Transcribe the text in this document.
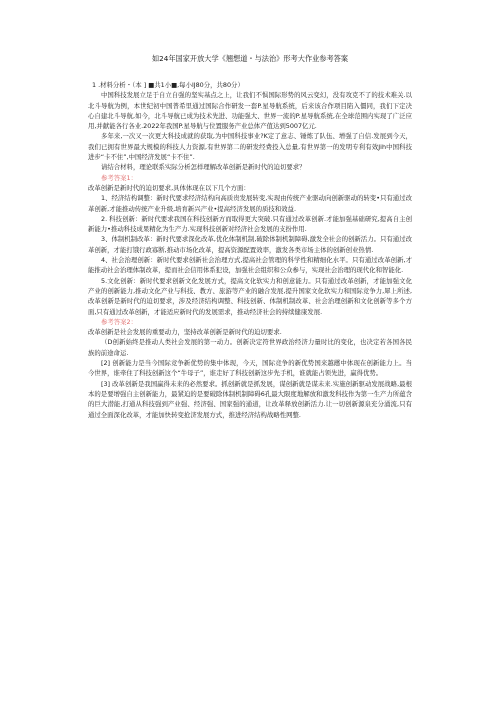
如24年国家开放大学《翘想道・与法治》形考大作业参考答案

1 .材料分析・（本 ] ■共1小■,每小lJ80分，共80分）

中国科技发展立足于自立自强的坚实基点之上，让我们不惧国际形势的风云变幻，没有攻克不了的技术难关.以北斗导航为例，本世纪初中国普希里通过国际合作研发一套P.星导航系统，后来该合作项目陷入僵同，我们下定决心自建北斗导航,如今，北斗导航已成为技术先进、功能强大、世界一流的P.星导航系统,在全球范围内实现了广泛应用,并献能各行各业.2022年我国P.星导航与位置服务产业总体产值达到5007亿元.

多年来,一次又一次更大科技成就的获取,为中国科技事业?K定了意志、锤炼了队伍、增强了自信.发展到今天，我们已拥有世界最大规模的科技人力资源,有世界第二的研发经费投入总量,有世界第一的发明专利有效Jih中国科技进步“卡不住”,中国经济发展“卡不住”.

请结合材料，理论联系实际分析怎样理解改革创新是新时代的迫切要求？

参考答案1：

改革创新是新时代的迫切要求,具体体现在以下几个方面：

1、经济结构调整：新时代要求经济结构向高质贵发展转变,实现由传统产业驱动向创新驱动的转变•只有通过改革创新,才能推动传统产业升级,培育新兴产业•提高经济发展的质技和效益.

2. 科技创新：新时代要求我国在科技创新方而取得更大突破.只有通过改革创新.才能加强基础研究,提高自主创新能力•推动科技成果精化为生产力.实现科技创新对经济社会发展的支扮作用.

3、体制机制改革：新时代要求深化改革,优化体制机制,破除体制机制障碍,激发全社会的创新活力。只有通过改革创新，才能打饿行政寡断,推动市场化改革，提高资源配置效率，激发各类市场主体的创新创业热情.

4、社会治理创新：新时代要求创新社会治理方式,提高社会管理的科学性和精细化水平。只有通过改革创新,才能推动社会治理体制改革，提而社会信用体系犯设，加强社会组织和公众参与，实现社会治理的现代化和智能化.

5.文化创新：新时代要求创新文化发展方式，提高文化软实力和创意能力。只有通过改革创新，才能加强文化产业的创新能力,推动文化产业与科技、教方、旅游等产业的融合发展,提升国家文化软实力和国际竞争力,犀上所述,改革创新是新时代的迫切要求，涉及经济结构调整、科技创新、体制机制改革、社会治理创新和文化创新等多个方面,只有通过改革创新，才能适应新时代的发展需求，推动经济社会的持续健康发展.

参考答案2：

改革创新是社会发展的重要动力，坚持改革创新是新时代的迫切要求.

（D创新始终是推动人类社会发展的第一动力。创新决定符世界政治经济力量时比的变化，也决定若各国各民族的前途命运.

[2] 创新能力是当今国际竞争新优势的集中体现，今天，国际竞争的新优势国来越䨸中体现在创新能力上。当今世界，谁牵住了科技创新这个“牛母子”，谁走好了科技创新这步先手机，谁就能占领先进，赢得优势。

[3] 改革创新是我国赢得未来的必然要求。抓创新就是抓发展，谋创新就是谋未来.实施创新驱动发展战略,最根本的是要增强自主创新能力，最紧迫的是要破除体制机制障碍6孔最大限度地解放和激发科技作为第一生产力所蕴含的巨大潜能,打通从科技强到产业强、经济强、国家强的通道，让改革释放创新活力.让一切创新源泉充分涌流,只有通过全面深化改革，才能加快转变抢济发展方式，推进经济结构战略性网整.
